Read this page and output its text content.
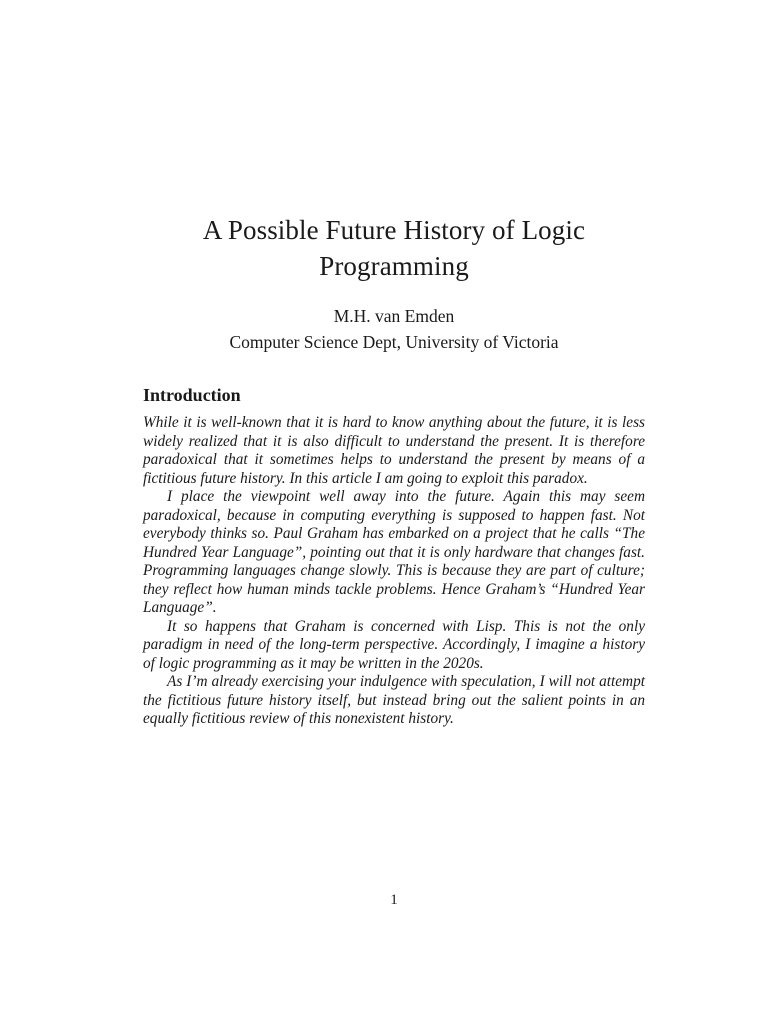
A Possible Future History of Logic
Programming
M.H. van Emden
Computer Science Dept, University of Victoria
Introduction

While it is well-known that it is hard to know anything about the future, it is less widely realized that it is also difficult to understand the present. It is therefore paradoxical that it sometimes helps to understand the present by means of a fictitious future history. In this article I am going to exploit this paradox.

I place the viewpoint well away into the future. Again this may seem paradoxical, because in computing everything is supposed to happen fast. Not everybody thinks so. Paul Graham has embarked on a project that he calls “The Hundred Year Language”, pointing out that it is only hardware that changes fast. Programming languages change slowly. This is because they are part of culture; they reflect how human minds tackle problems. Hence Graham’s “Hundred Year Language”.

It so happens that Graham is concerned with Lisp. This is not the only paradigm in need of the long-term perspective. Accordingly, I imagine a history of logic programming as it may be written in the 2020s.

As I’m already exercising your indulgence with speculation, I will not attempt the fictitious future history itself, but instead bring out the salient points in an equally fictitious review of this nonexistent history.

1
